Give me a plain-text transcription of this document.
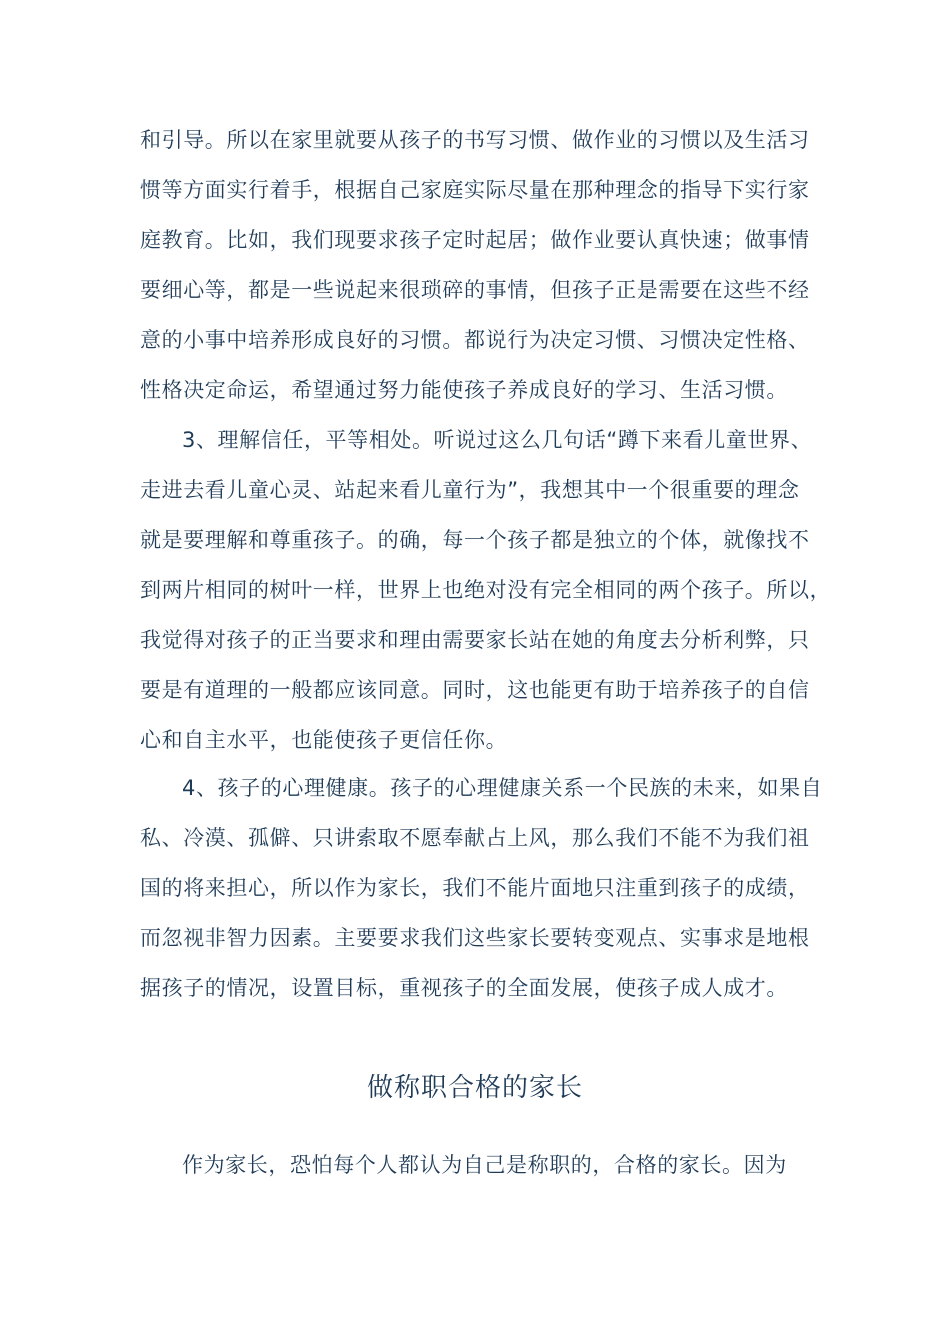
和引导。所以在家里就要从孩子的书写习惯、做作业的习惯以及生活习
惯等方面实行着手，根据自己家庭实际尽量在那种理念的指导下实行家
庭教育。比如，我们现要求孩子定时起居；做作业要认真快速；做事情
要细心等，都是一些说起来很琐碎的事情，但孩子正是需要在这些不经
意的小事中培养形成良好的习惯。都说行为决定习惯、习惯决定性格、
性格决定命运，希望通过努力能使孩子养成良好的学习、生活习惯。
3、理解信任，平等相处。听说过这么几句话“蹲下来看儿童世界、
走进去看儿童心灵、站起来看儿童行为”，我想其中一个很重要的理念
就是要理解和尊重孩子。的确，每一个孩子都是独立的个体，就像找不
到两片相同的树叶一样，世界上也绝对没有完全相同的两个孩子。所以，
我觉得对孩子的正当要求和理由需要家长站在她的角度去分析利弊，只
要是有道理的一般都应该同意。同时，这也能更有助于培养孩子的自信
心和自主水平，也能使孩子更信任你。
4、孩子的心理健康。孩子的心理健康关系一个民族的未来，如果自
私、冷漠、孤僻、只讲索取不愿奉献占上风，那么我们不能不为我们祖
国的将来担心，所以作为家长，我们不能片面地只注重到孩子的成绩，
而忽视非智力因素。主要要求我们这些家长要转变观点、实事求是地根
据孩子的情况，设置目标，重视孩子的全面发展，使孩子成人成才。
做称职合格的家长
作为家长，恐怕每个人都认为自己是称职的，合格的家长。因为
